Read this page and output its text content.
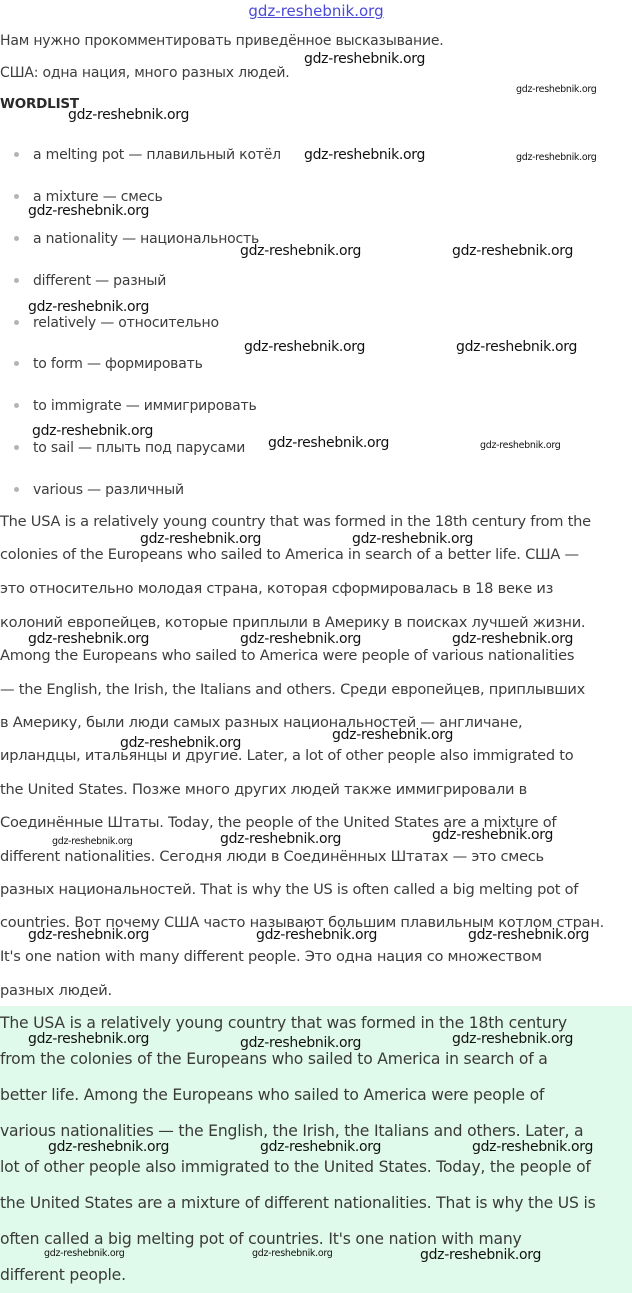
gdz-reshebnik.org
Нам нужно прокомментировать приведённое высказывание.
США: одна нация, много разных людей.
WORDLIST
a melting pot — плавильный котёл
a mixture — смесь
a nationality — национальность
different — разный
relatively — относительно
to form — формировать
to immigrate — иммигрировать
to sail — плыть под парусами
various — различный
The USA is a relatively young country that was formed in the 18th century from the
colonies of the Europeans who sailed to America in search of a better life. США —
это относительно молодая страна, которая сформировалась в 18 веке из
колоний европейцев, которые приплыли в Америку в поисках лучшей жизни.
Among the Europeans who sailed to America were people of various nationalities
— the English, the Irish, the Italians and others. Среди европейцев, приплывших
в Америку, были люди самых разных национальностей — англичане,
ирландцы, итальянцы и другие. Later, a lot of other people also immigrated to
the United States. Позже много других людей также иммигрировали в
Соединённые Штаты. Today, the people of the United States are a mixture of
different nationalities. Сегодня люди в Соединённых Штатах — это смесь
разных национальностей. That is why the US is often called a big melting pot of
countries. Вот почему США часто называют большим плавильным котлом стран.
It's one nation with many different people. Это одна нация со множеством
разных людей.
The USA is a relatively young country that was formed in the 18th century
from the colonies of the Europeans who sailed to America in search of a
better life. Among the Europeans who sailed to America were people of
various nationalities — the English, the Irish, the Italians and others. Later, a
lot of other people also immigrated to the United States. Today, the people of
the United States are a mixture of different nationalities. That is why the US is
often called a big melting pot of countries. It's one nation with many
different people.
gdz-reshebnik.org
gdz-reshebnik.org
gdz-reshebnik.org
gdz-reshebnik.org	gdz-reshebnik.org
gdz-reshebnik.org
gdz-reshebnik.org	gdz-reshebnik.org
gdz-reshebnik.org
gdz-reshebnik.org	gdz-reshebnik.org
gdz-reshebnik.org
gdz-reshebnik.org	gdz-reshebnik.org
gdz-reshebnik.org	gdz-reshebnik.org
gdz-reshebnik.org	gdz-reshebnik.org	gdz-reshebnik.org
gdz-reshebnik.org
gdz-reshebnik.org
gdz-reshebnik.org
gdz-reshebnik.org
gdz-reshebnik.org
gdz-reshebnik.org	gdz-reshebnik.org	gdz-reshebnik.org
gdz-reshebnik.org	gdz-reshebnik.org	gdz-reshebnik.org
gdz-reshebnik.org	gdz-reshebnik.org	gdz-reshebnik.org
gdz-reshebnik.org	gdz-reshebnik.org	gdz-reshebnik.org
